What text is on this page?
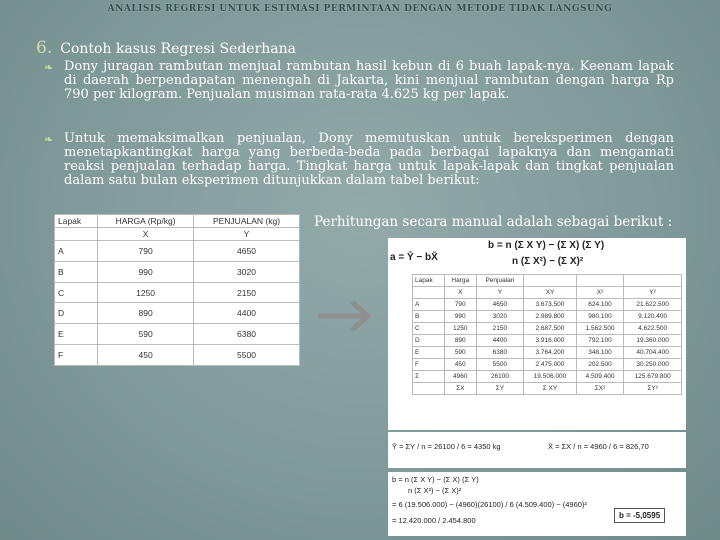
ANALISIS REGRESI UNTUK ESTIMASI PERMINTAAN DENGAN METODE TIDAK LANGSUNG
6. Contoh kasus Regresi Sederhana
❧ Dony juragan rambutan menjual rambutan hasil kebun di 6 buah lapak-nya. Keenam lapak di daerah berpendapatan menengah di Jakarta, kini menjual rambutan dengan harga Rp 790 per kilogram. Penjualan musiman rata-rata 4.625 kg per lapak.
❧ Untuk memaksimalkan penjualan, Dony memutuskan untuk bereksperimen dengan menetapkantingkat harga yang berbeda-beda pada berbagai lapaknya dan mengamati reaksi penjualan terhadap harga. Tingkat harga untuk lapak-lapak dan tingkat penjualan dalam satu bulan eksperimen ditunjukkan dalam tabel berikut:
Perhitungan secara manual adalah sebagai berikut :
Lapak	HARGA (Rp/kg)	PENJUALAN (kg)
	X	Y
A	790	4650
B	990	3020
C	1250	2150
D	890	4400
E	590	6380
F	450	5500
b = n (Σ X Y) − (Σ X) (Σ Y)
a = Ȳ − bX̄	n (Σ X²) − (Σ X)²
Lapak	Harga	Penjualan			
	X	Y	XY	X²	Y²
A	790	4650	3.673.500	624.100	21.622.500
B	990	3020	2.989.800	980.100	9.120.400
C	1250	2150	2.687.500	1.562.500	4.622.500
D	890	4400	3.916.000	792.100	19.360.000
E	590	6380	3.764.200	348.100	40.704.400
F	450	5500	2.475.000	202.500	30.250.000
Σ	4960	26100	19.506.000	4.509.400	125.679.800
	ΣX	ΣY	Σ XY	ΣX²	ΣY²
Ȳ = ΣY / n = 26100 / 6 = 4350 kg	X̄ = ΣX / n = 4960 / 6 = 826,70
b = n (Σ X Y) − (Σ X) (Σ Y)
n (Σ X²) − (Σ X)²
= 6 (19.506.000) − (4960)(26100) / 6 (4.509.400) − (4960)²
= 12.420.000 / 2.454.800
b = -5,0595
